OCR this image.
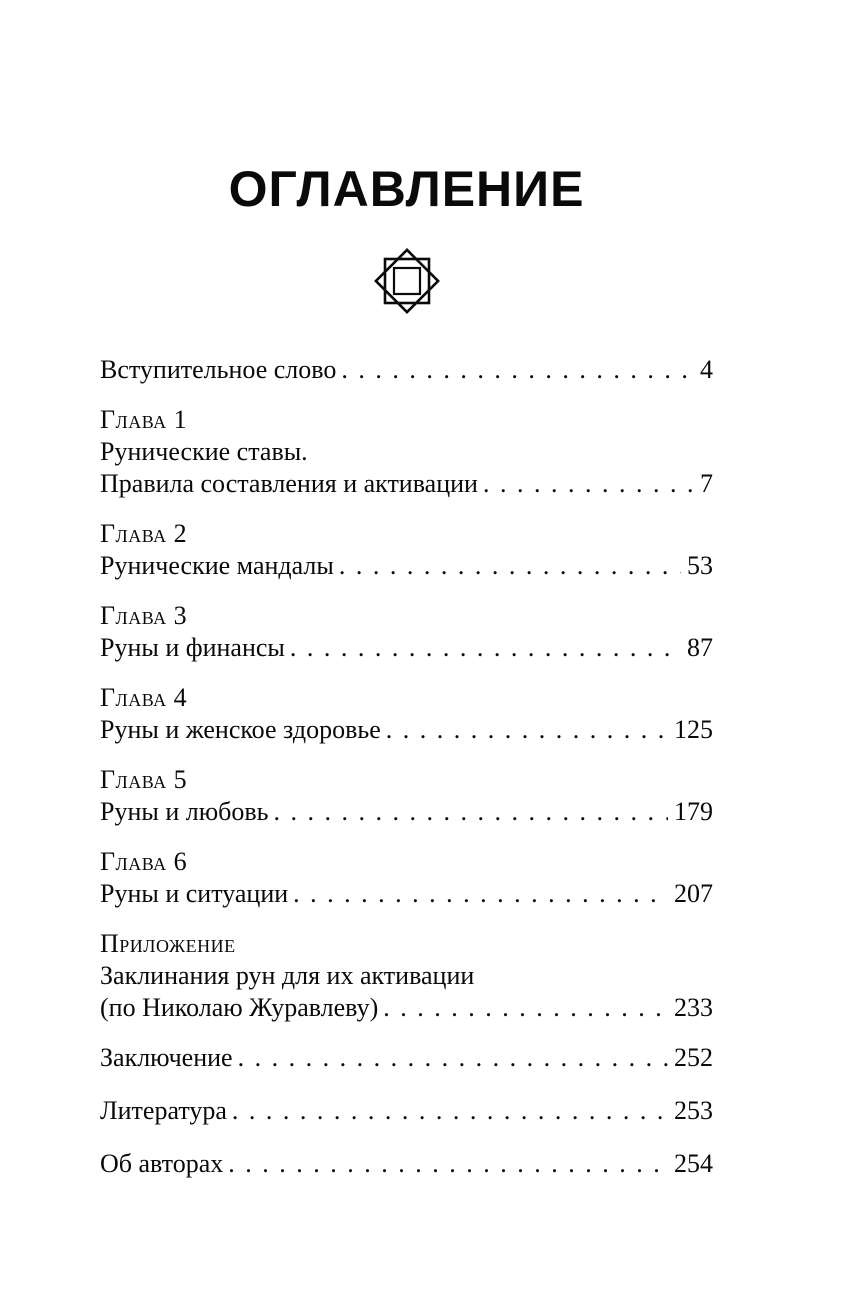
ОГЛАВЛЕНИЕ
Вступительное слово . . .	4
Глава 1
Рунические ставы.
Правила составления и активации . . .	7
Глава 2
Рунические мандалы . . .	53
Глава 3
Руны и финансы . . .	87
Глава 4
Руны и женское здоровье . . .	125
Глава 5
Руны и любовь . . .	179
Глава 6
Руны и ситуации . . .	207
Приложение
Заклинания рун для их активации
(по Николаю Журавлеву) . . .	233
Заключение . . .	252
Литература . . .	253
Об авторах . . .	254
